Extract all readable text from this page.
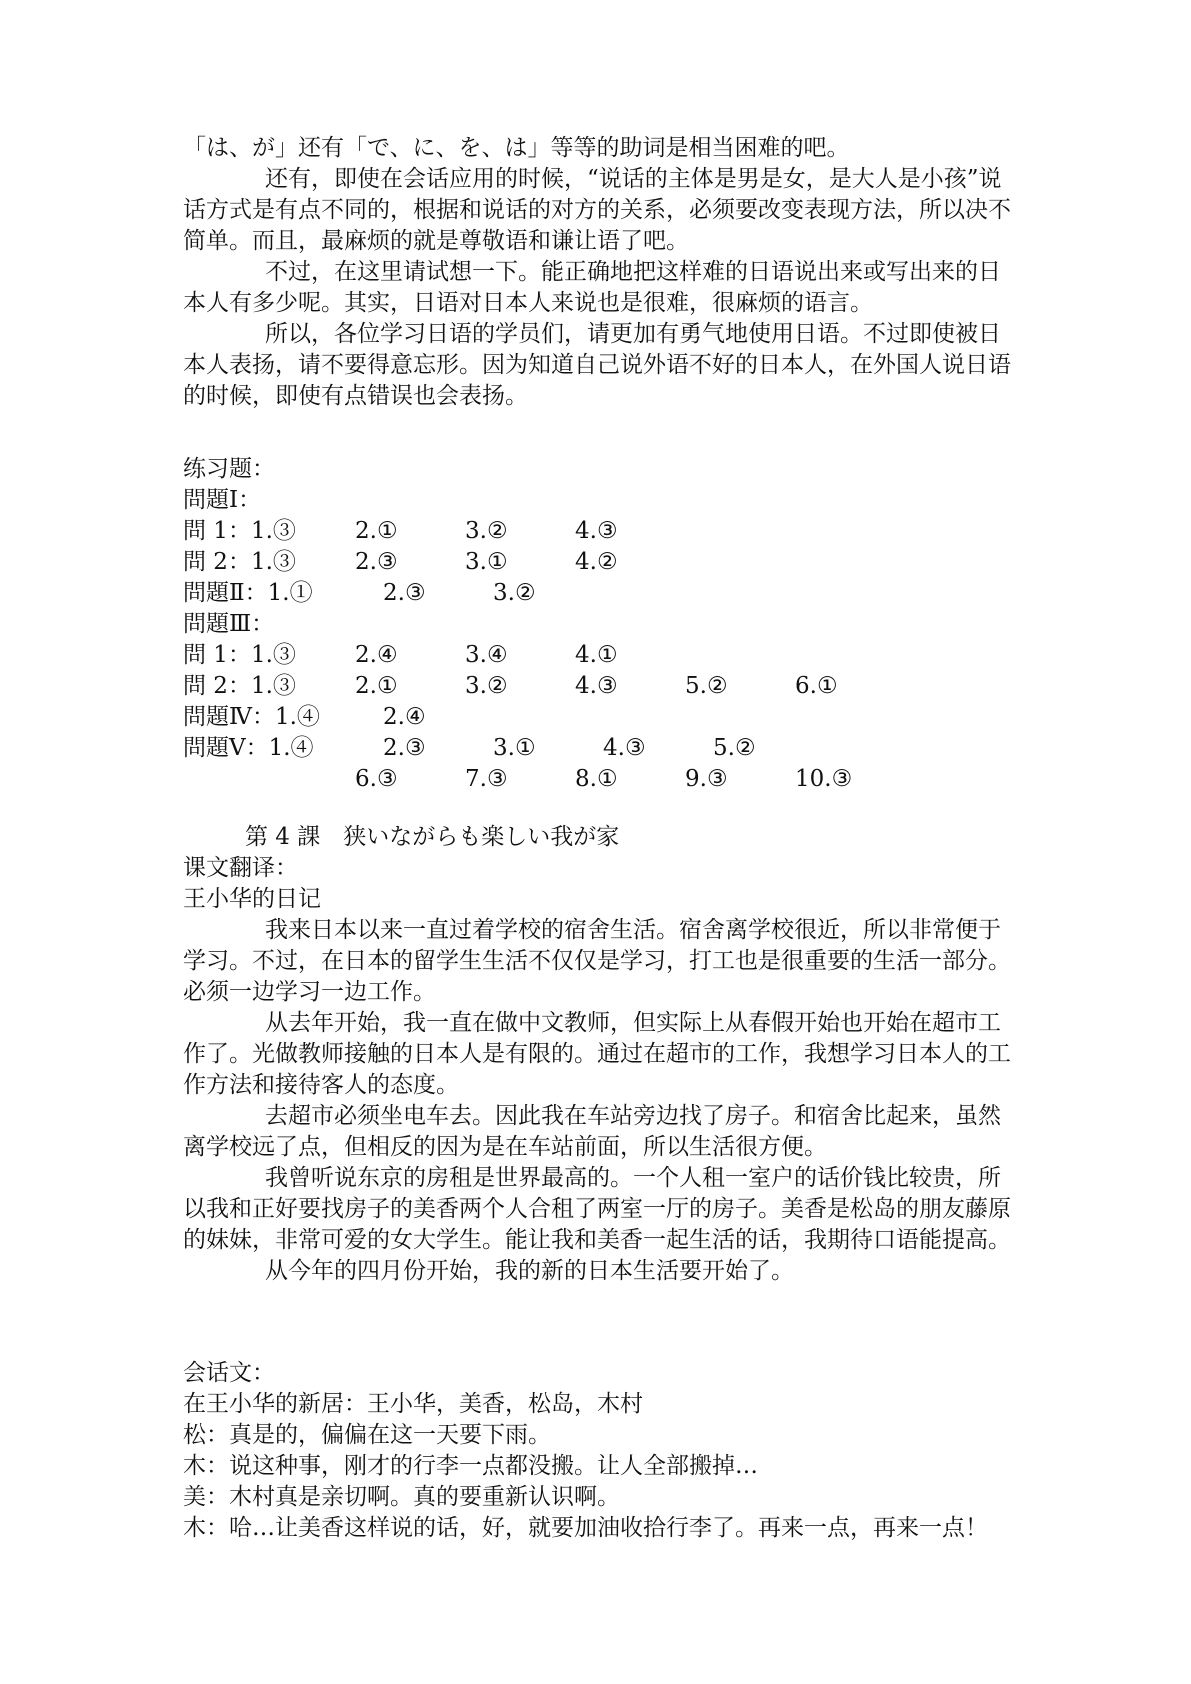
「は、が」还有「で、に、を、は」等等的助词是相当困难的吧。

还有，即使在会话应用的时候，“说话的主体是男是女，是大人是小孩”说话方式是有点不同的，根据和说话的对方的关系，必须要改变表现方法，所以决不简单。而且，最麻烦的就是尊敬语和谦让语了吧。

不过，在这里请试想一下。能正确地把这样难的日语说出来或写出来的日本人有多少呢。其实，日语对日本人来说也是很难，很麻烦的语言。

所以，各位学习日语的学员们，请更加有勇气地使用日语。不过即使被日本人表扬，请不要得意忘形。因为知道自己说外语不好的日本人，在外国人说日语的时候，即使有点错误也会表扬。

练习题：

問題Ⅰ：

問 1：1.③	2.①	3.②	4.③
問 2：1.③	2.③	3.①	4.②
問題Ⅱ：1.①	2.③	3.②

問題Ⅲ：

問 1：1.③	2.④	3.④	4.①
問 2：1.③	2.①	3.②	4.③	5.②	6.①
問題Ⅳ：1.④	2.④
問題Ⅴ：1.④	2.③	3.①	4.③	5.②
6.③	7.③	8.①	9.③	10.③
第 4 課　狭いながらも楽しい我が家

课文翻译：

王小华的日记

我来日本以来一直过着学校的宿舍生活。宿舍离学校很近，所以非常便于学习。不过，在日本的留学生生活不仅仅是学习，打工也是很重要的生活一部分。必须一边学习一边工作。

从去年开始，我一直在做中文教师，但实际上从春假开始也开始在超市工作了。光做教师接触的日本人是有限的。通过在超市的工作，我想学习日本人的工作方法和接待客人的态度。

去超市必须坐电车去。因此我在车站旁边找了房子。和宿舍比起来，虽然离学校远了点，但相反的因为是在车站前面，所以生活很方便。

我曾听说东京的房租是世界最高的。一个人租一室户的话价钱比较贵，所以我和正好要找房子的美香两个人合租了两室一厅的房子。美香是松岛的朋友藤原的妹妹，非常可爱的女大学生。能让我和美香一起生活的话，我期待口语能提高。

从今年的四月份开始，我的新的日本生活要开始了。

会话文：

在王小华的新居：王小华，美香，松岛，木村

松：真是的，偏偏在这一天要下雨。

木：说这种事，刚才的行李一点都没搬。让人全部搬掉…

美：木村真是亲切啊。真的要重新认识啊。

木：哈…让美香这样说的话，好，就要加油收拾行李了。再来一点，再来一点！
